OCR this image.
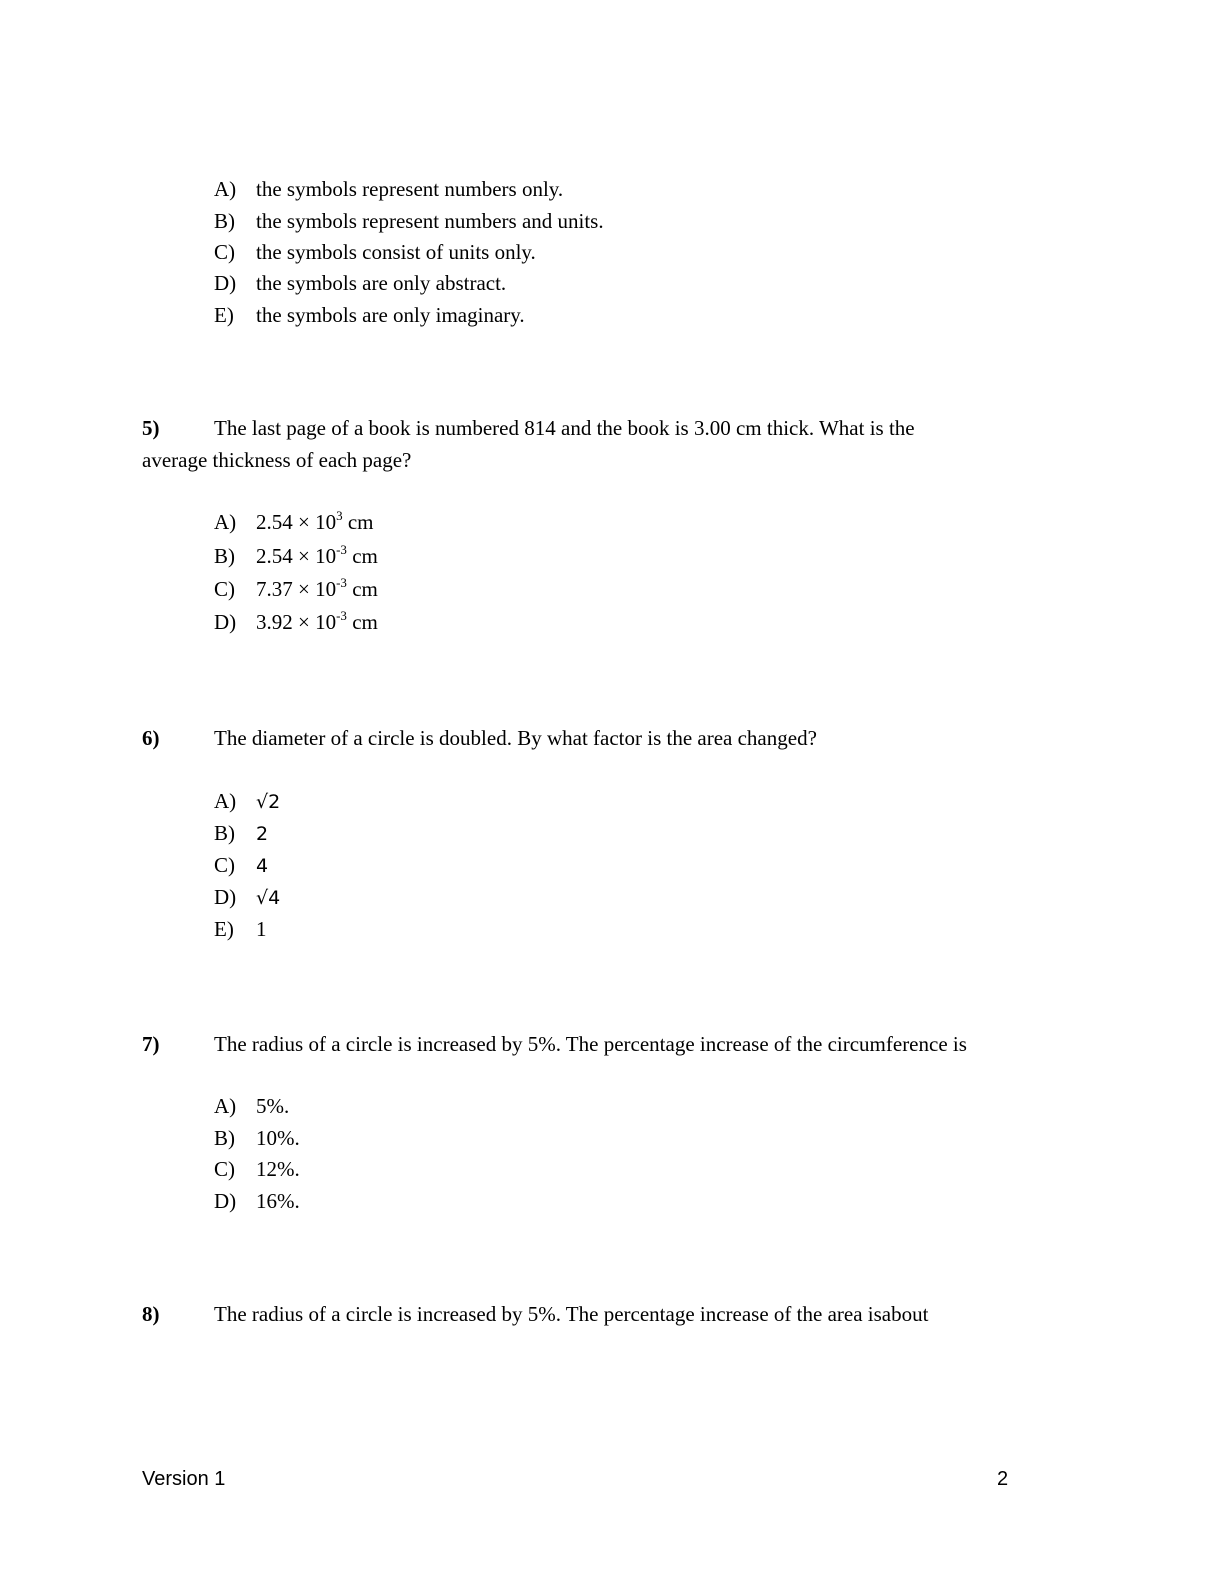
A) the symbols represent numbers only.
B) the symbols represent numbers and units.
C) the symbols consist of units only.
D) the symbols are only abstract.
E) the symbols are only imaginary.
5)	The last page of a book is numbered 814 and the book is 3.00 cm thick. What is the
average thickness of each page?
A) $2.54 \times 10^3$ cm
B) $2.54 \times 10^{-3}$ cm
C) $7.37 \times 10^{-3}$ cm
D) $3.92 \times 10^{-3}$ cm
6)	The diameter of a circle is doubled. By what factor is the area changed?
A) √2
B) 2
C) 4
D) √4
E) 1
7)	The radius of a circle is increased by 5%. The percentage increase of the circumference is
A) 5%.
B) 10%.
C) 12%.
D) 16%.
8)	The radius of a circle is increased by 5%. The percentage increase of the area isabout
Version 1	2
